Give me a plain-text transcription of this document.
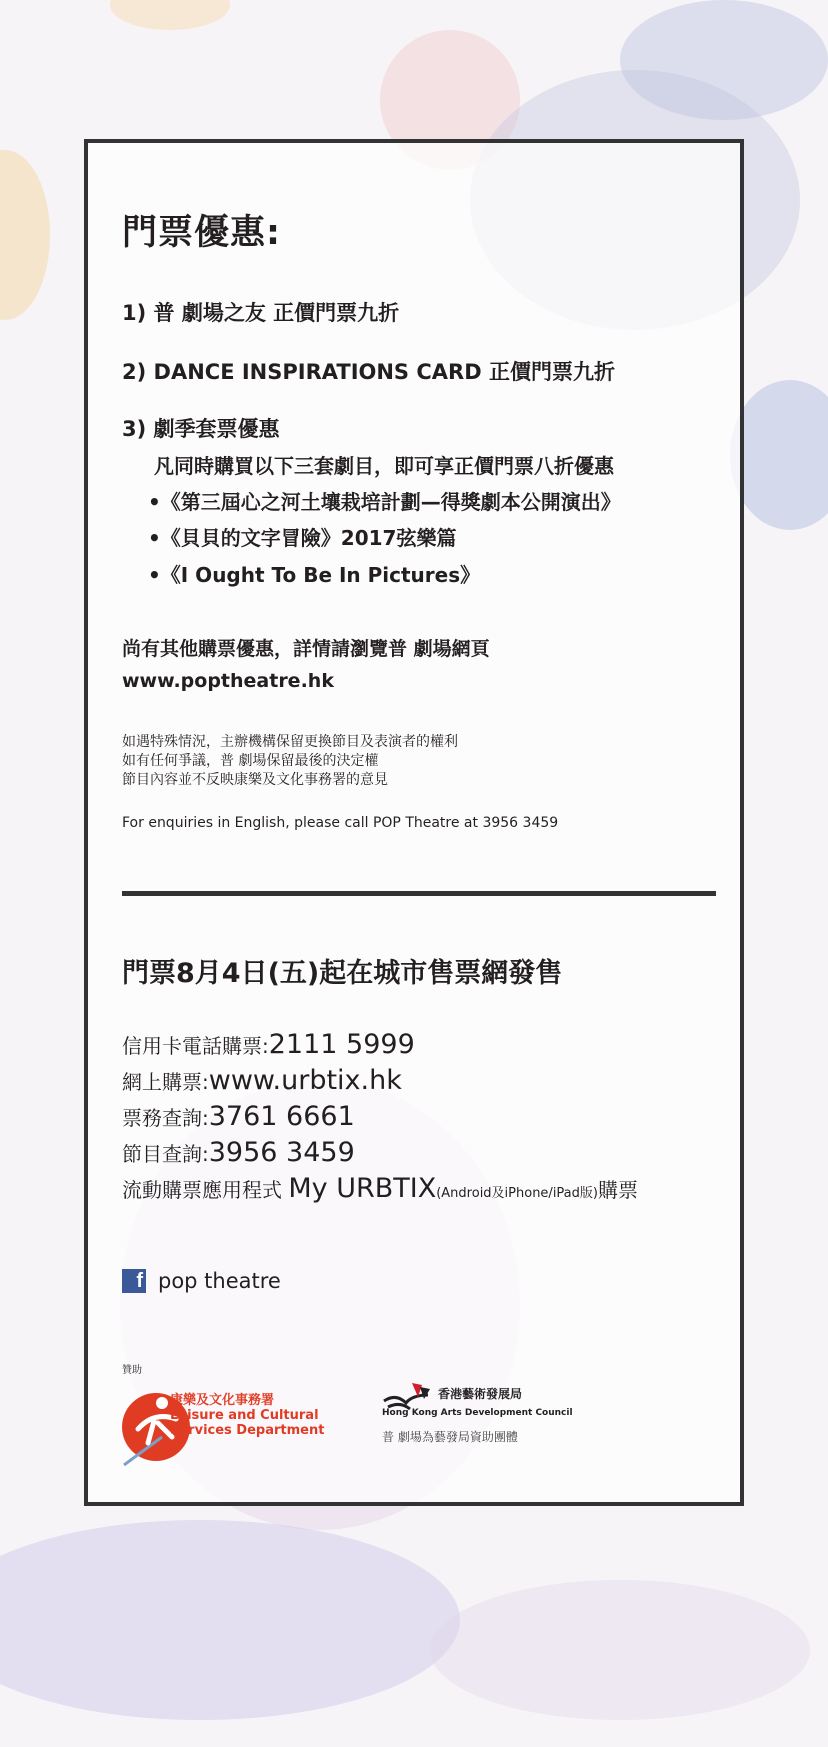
門票優惠:
1) 普 劇場之友 正價門票九折
2) DANCE INSPIRATIONS CARD 正價門票九折
3) 劇季套票優惠
凡同時購買以下三套劇目，即可享正價門票八折優惠
•《第三屆心之河土壤栽培計劃—得獎劇本公開演出》
•《貝貝的文字冒險》2017弦樂篇
•《I Ought To Be In Pictures》
尚有其他購票優惠，詳情請瀏覽普 劇場網頁
www.poptheatre.hk
如遇特殊情況，主辦機構保留更換節目及表演者的權利
如有任何爭議，普 劇場保留最後的決定權
節目內容並不反映康樂及文化事務署的意見
For enquiries in English, please call POP Theatre at 3956 3459
門票8月4日(五)起在城市售票網發售
信用卡電話購票:2111 5999
網上購票:www.urbtix.hk
票務查詢:3761 6661
節目查詢:3956 3459
流動購票應用程式 My URBTIX(Android及iPhone/iPad版)購票
f pop theatre
贊助
康樂及文化事務署
Leisure and Cultural
Services Department
香港藝術發展局
Hong Kong Arts Development Council
普 劇場為藝發局資助團體
